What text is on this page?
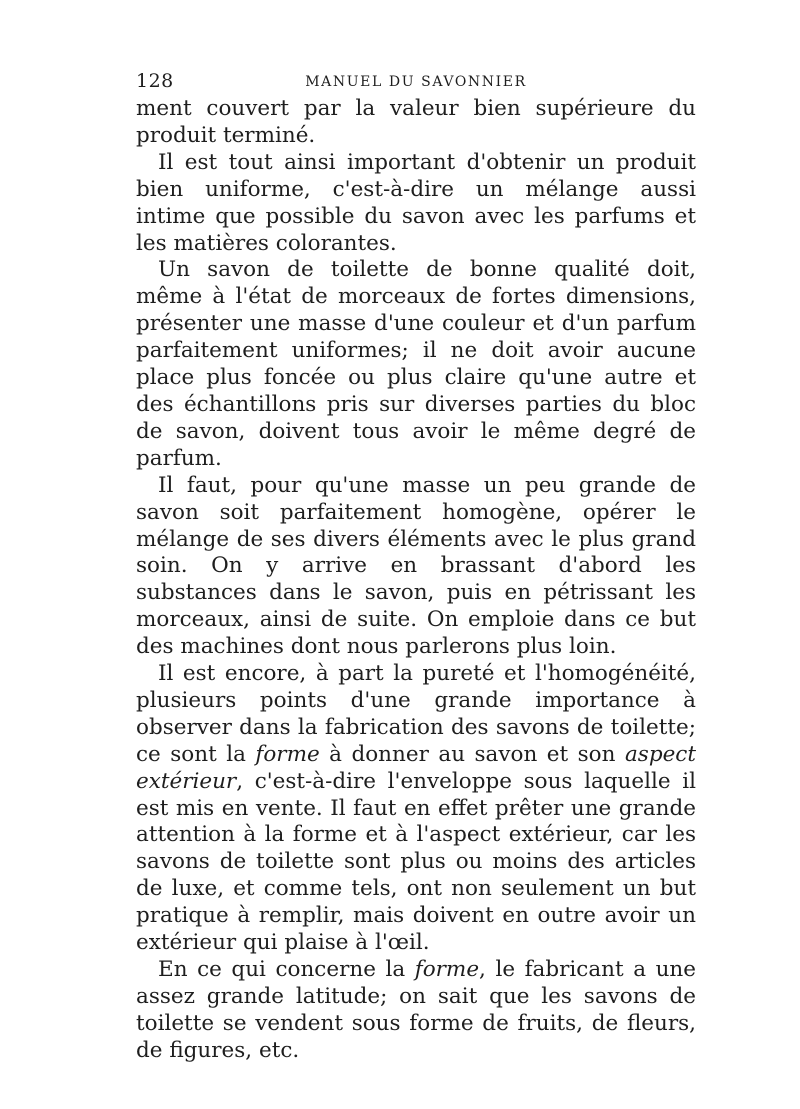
128	MANUEL DU SAVONNIER

ment couvert par la valeur bien supérieure du produit terminé.

Il est tout ainsi important d'obtenir un produit bien uniforme, c'est-à-dire un mélange aussi intime que possible du savon avec les parfums et les matières colorantes.

Un savon de toilette de bonne qualité doit, même à l'état de morceaux de fortes dimensions, présenter une masse d'une couleur et d'un parfum parfaitement uniformes; il ne doit avoir aucune place plus foncée ou plus claire qu'une autre et des échantillons pris sur diverses parties du bloc de savon, doivent tous avoir le même degré de parfum.

Il faut, pour qu'une masse un peu grande de savon soit parfaitement homogène, opérer le mélange de ses divers éléments avec le plus grand soin. On y arrive en brassant d'abord les substances dans le savon, puis en pétrissant les morceaux, ainsi de suite. On emploie dans ce but des machines dont nous parlerons plus loin.

Il est encore, à part la pureté et l'homogénéité, plusieurs points d'une grande importance à observer dans la fabrication des savons de toilette; ce sont la forme à donner au savon et son aspect extérieur, c'est-à-dire l'enveloppe sous laquelle il est mis en vente. Il faut en effet prêter une grande attention à la forme et à l'aspect extérieur, car les savons de toilette sont plus ou moins des articles de luxe, et comme tels, ont non seulement un but pratique à remplir, mais doivent en outre avoir un extérieur qui plaise à l'œil.

En ce qui concerne la forme, le fabricant a une assez grande latitude; on sait que les savons de toilette se vendent sous forme de fruits, de fleurs, de figures, etc.
